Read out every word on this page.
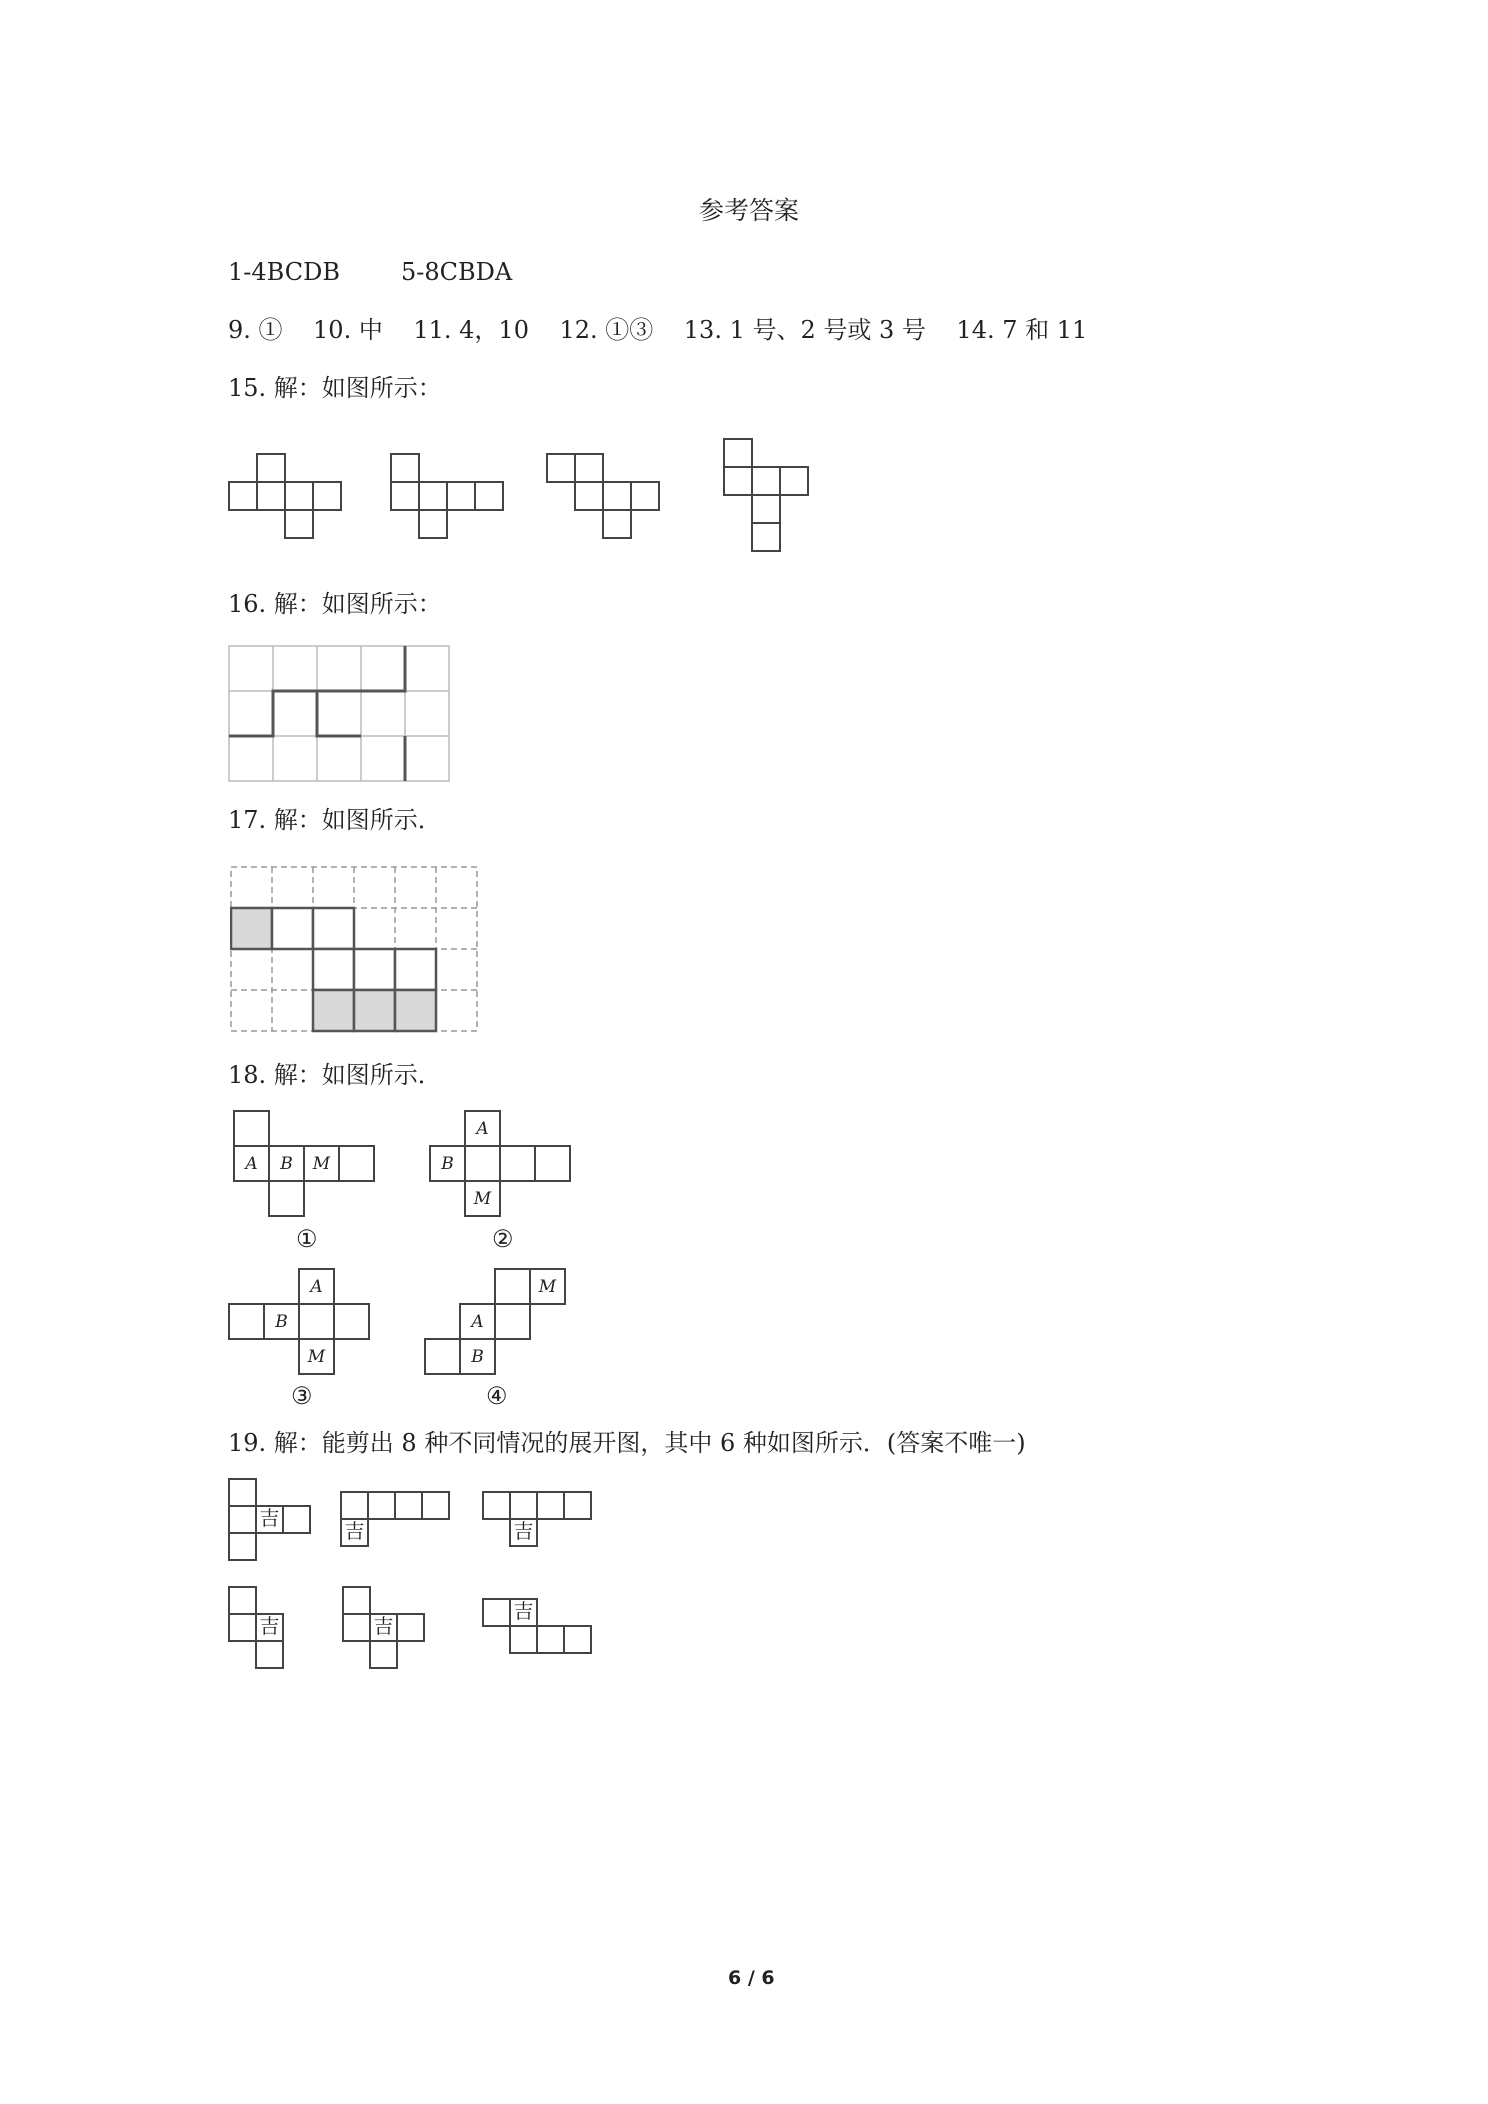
参考答案
1-4BCDB        5-8CBDA
9. ①    10. 中    11. 4，10    12. ①③    13. 1 号、2 号或 3 号    14. 7 和 11
15. 解：如图所示：
16. 解：如图所示：
17. 解：如图所示．
18. 解：如图所示．
A	B	M
①
A
B
M
②
A
B
M
③
M
A
B
④
19. 解：能剪出 8 种不同情况的展开图，其中 6 种如图所示．(答案不唯一)
吉
吉	吉
吉	吉
吉
6 / 6
